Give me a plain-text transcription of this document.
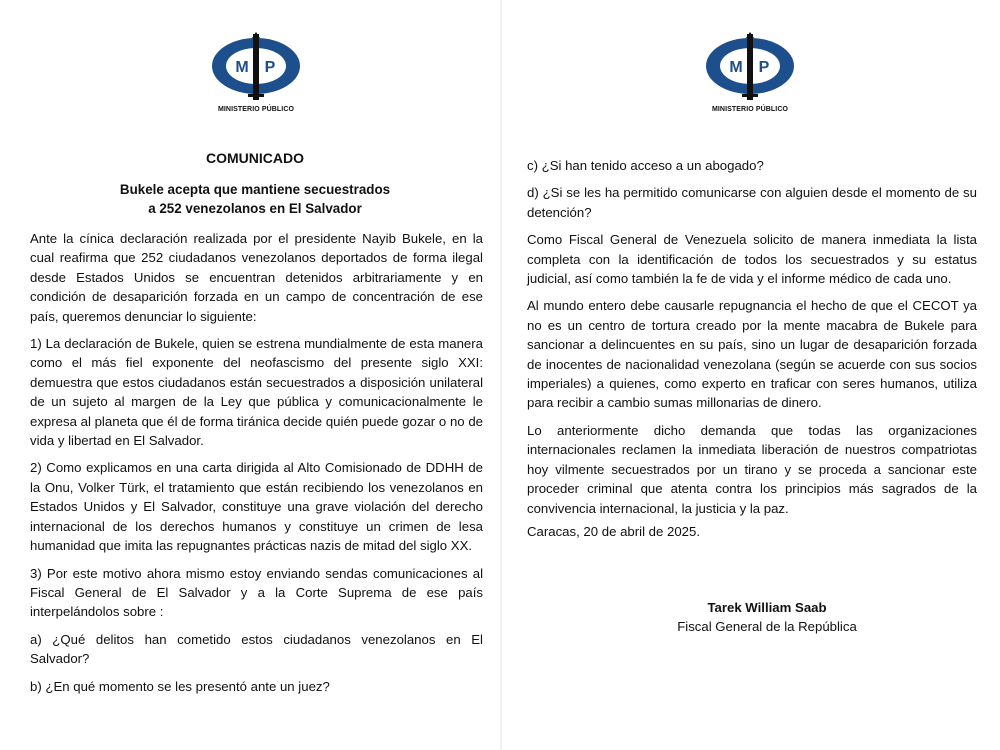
M P
MINISTERIO PÚBLICO
COMUNICADO
Bukele acepta que mantiene secuestrados
a 252 venezolanos en El Salvador

Ante la cínica declaración realizada por el presidente Nayib Bukele, en la cual reafirma que 252 ciudadanos venezolanos deportados de forma ilegal desde Estados Unidos se encuentran detenidos arbitrariamente y en condición de desaparición forzada en un campo de concentración de ese país, queremos denunciar lo siguiente:

1) La declaración de Bukele, quien se estrena mundialmente de esta manera como el más fiel exponente del neofascismo del presente siglo XXI: demuestra que estos ciudadanos están secuestrados a disposición unilateral de un sujeto al margen de la Ley que pública y comunicacionalmente le expresa al planeta que él de forma tiránica decide quién puede gozar o no de vida y libertad en El Salvador.

2) Como explicamos en una carta dirigida al Alto Comisionado de DDHH de la Onu, Volker Türk, el tratamiento que están recibiendo los venezolanos en Estados Unidos y El Salvador, constituye una grave violación del derecho internacional de los derechos humanos y constituye un crimen de lesa humanidad que imita las repugnantes prácticas nazis de mitad del siglo XX.

3) Por este motivo ahora mismo estoy enviando sendas comunicaciones al Fiscal General de El Salvador y a la Corte Suprema de ese país interpelándolos sobre :

a) ¿Qué delitos han cometido estos ciudadanos venezolanos en El Salvador?

b) ¿En qué momento se les presentó ante un juez?

M P
MINISTERIO PÚBLICO

c) ¿Si han tenido acceso a un abogado?

d) ¿Si se les ha permitido comunicarse con alguien desde el momento de su detención?

Como Fiscal General de Venezuela solicito de manera inmediata la lista completa con la identificación de todos los secuestrados y su estatus judicial, así como también la fe de vida y el informe médico de cada uno.

Al mundo entero debe causarle repugnancia el hecho de que el CECOT ya no es un centro de tortura creado por la mente macabra de Bukele para sancionar a delincuentes en su país, sino un lugar de desaparición forzada de inocentes de nacionalidad venezolana (según se acuerde con sus socios imperiales) a quienes, como experto en traficar con seres humanos, utiliza para recibir a cambio sumas millonarias de dinero.

Lo anteriormente dicho demanda que todas las organizaciones internacionales reclamen la inmediata liberación de nuestros compatriotas hoy vilmente secuestrados por un tirano y se proceda a sancionar este proceder criminal que atenta contra los principios más sagrados de la convivencia internacional, la justicia y la paz.

Caracas, 20 de abril de 2025.
Tarek William Saab
Fiscal General de la República
